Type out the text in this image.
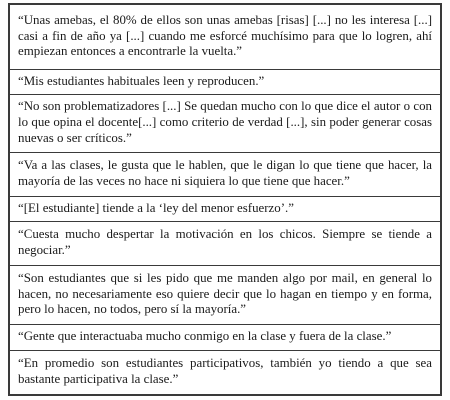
“Unas amebas, el 80% de ellos son unas amebas [risas] [...] no les interesa [...] casi a fin de año ya [...] cuando me esforcé muchísimo para que lo logren, ahí empiezan entonces a encontrarle la vuelta.”

“Mis estudiantes habituales leen y reproducen.”

“No son problematizadores [...] Se quedan mucho con lo que dice el autor o con lo que opina el docente[...] como criterio de verdad [...], sin poder generar cosas nuevas o ser críticos.”

“Va a las clases, le gusta que le hablen, que le digan lo que tiene que hacer, la mayoría de las veces no hace ni siquiera lo que tiene que hacer.”

“[El estudiante] tiende a la ‘ley del menor esfuerzo’.”

“Cuesta mucho despertar la motivación en los chicos. Siempre se tiende a negociar.”

“Son estudiantes que si les pido que me manden algo por mail, en general lo hacen, no necesariamente eso quiere decir que lo hagan en tiempo y en forma, pero lo hacen, no todos, pero sí la mayoría.”

“Gente que interactuaba mucho conmigo en la clase y fuera de la clase.”

“En promedio son estudiantes participativos, también yo tiendo a que sea bastante participativa la clase.”
